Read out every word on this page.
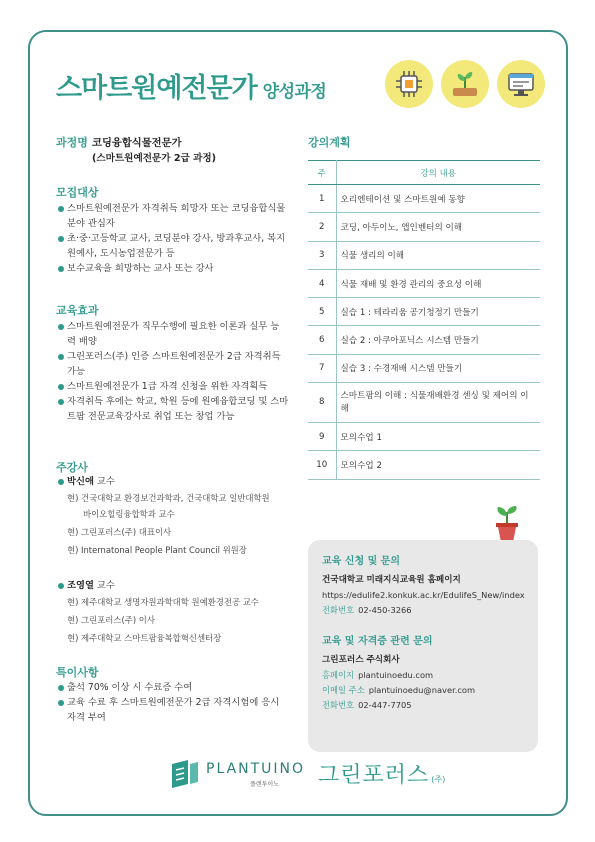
스마트원예전문가 양성과정
과정명 코딩융합식물전문가
(스마트원예전문가 2급 과정)
모집대상
스마트원예전문가 자격취득 희망자 또는 코딩융합식물
분야 관심자
초·중·고등학교 교사, 코딩분야 강사, 방과후교사, 복지
원예사, 도시농업전문가 등
보수교육을 희망하는 교사 또는 강사
교육효과
스마트원예전문가 직무수행에 필요한 이론과 실무 능
력 배양
그린포러스(주) 인증 스마트원예전문가 2급 자격취득
가능
스마트원예전문가 1급 자격 신청을 위한 자격획득
자격취득 후에는 학교, 학원 등에 원예융합코딩 및 스마
트팜 전문교육강사로 취업 또는 창업 가능
주강사
박신애 교수
현) 건국대학교 환경보건과학과, 건국대학교 일반대학원
바이오힐링융합학과 교수
현) 그린포러스(주) 대표이사
현) Internatonal People Plant Council 위원장
조영열 교수
현) 제주대학교 생명자원과학대학 원예환경전공 교수
현) 그린포러스(주) 이사
현) 제주대학교 스마트팜융복합혁신센터장
특이사항
출석 70% 이상 시 수료증 수여
교육 수료 후 스마트원예전문가 2급 자격시험에 응시
자격 부여
강의계획
주	강의 내용
1	오리엔테이션 및 스마트원예 동향
2	코딩, 아두이노, 앱인벤터의 이해
3	식물 생리의 이해
4	식물 재배 및 환경 관리의 중요성 이해
5	실습 1 : 테라리움 공기청정기 만들기
6	실습 2 : 아쿠아포닉스 시스템 만들기
7	실습 3 : 수경재배 시스템 만들기
8	스마트팜의 이해 : 식물재배환경 센싱 및 제어의 이해
9	모의수업 1
10	모의수업 2
교육 신청 및 문의
건국대학교 미래지식교육원 홈페이지
https://edulife2.konkuk.ac.kr/EdulifeS_New/index
전화번호 02-450-3266
교육 및 자격증 관련 문의
그린포러스 주식회사
홈페이지 plantuinoedu.com
이메일 주소 plantuinoedu@naver.com
전화번호 02-447-7705
PLANTUINO
플랜투이노 그린포러스 (주)
